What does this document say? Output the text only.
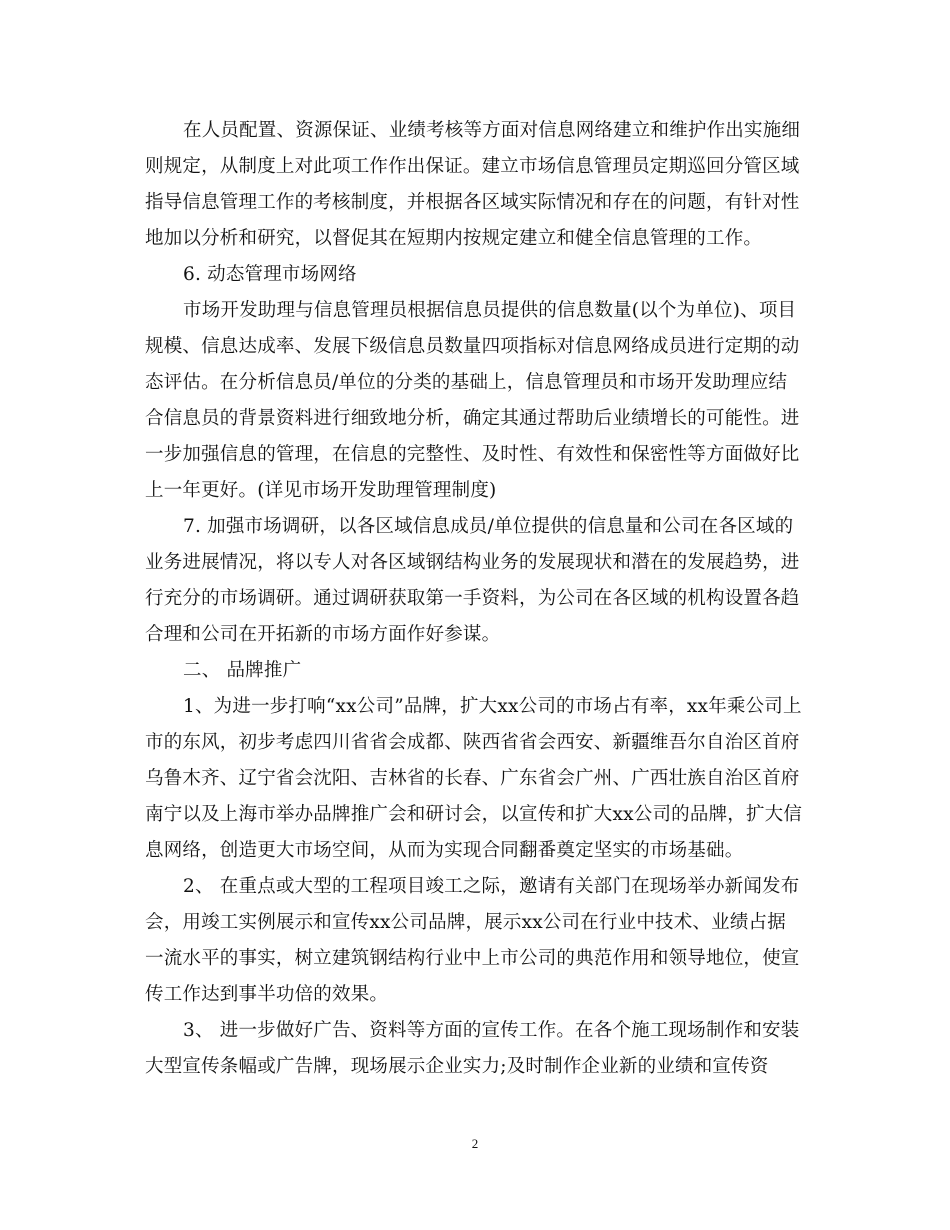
在人员配置、资源保证、业绩考核等方面对信息网络建立和维护作出实施细
则规定，从制度上对此项工作作出保证。建立市场信息管理员定期巡回分管区域
指导信息管理工作的考核制度，并根据各区域实际情况和存在的问题，有针对性
地加以分析和研究，以督促其在短期内按规定建立和健全信息管理的工作。
6. 动态管理市场网络
市场开发助理与信息管理员根据信息员提供的信息数量(以个为单位)、项目
规模、信息达成率、发展下级信息员数量四项指标对信息网络成员进行定期的动
态评估。在分析信息员/单位的分类的基础上，信息管理员和市场开发助理应结
合信息员的背景资料进行细致地分析，确定其通过帮助后业绩增长的可能性。进
一步加强信息的管理，在信息的完整性、及时性、有效性和保密性等方面做好比
上一年更好。(详见市场开发助理管理制度)
7. 加强市场调研，以各区域信息成员/单位提供的信息量和公司在各区域的
业务进展情况，将以专人对各区域钢结构业务的发展现状和潜在的发展趋势，进
行充分的市场调研。通过调研获取第一手资料，为公司在各区域的机构设置各趋
合理和公司在开拓新的市场方面作好参谋。
二、 品牌推广
1、为进一步打响“xx公司”品牌，扩大xx公司的市场占有率，xx年乘公司上
市的东风，初步考虑四川省省会成都、陕西省省会西安、新疆维吾尔自治区首府
乌鲁木齐、辽宁省会沈阳、吉林省的长春、广东省会广州、广西壮族自治区首府
南宁以及上海市举办品牌推广会和研讨会，以宣传和扩大xx公司的品牌，扩大信
息网络，创造更大市场空间，从而为实现合同翻番奠定坚实的市场基础。
2、 在重点或大型的工程项目竣工之际，邀请有关部门在现场举办新闻发布
会，用竣工实例展示和宣传xx公司品牌，展示xx公司在行业中技术、业绩占据
一流水平的事实，树立建筑钢结构行业中上市公司的典范作用和领导地位，使宣
传工作达到事半功倍的效果。
3、 进一步做好广告、资料等方面的宣传工作。在各个施工现场制作和安装
大型宣传条幅或广告牌，现场展示企业实力;及时制作企业新的业绩和宣传资
2
